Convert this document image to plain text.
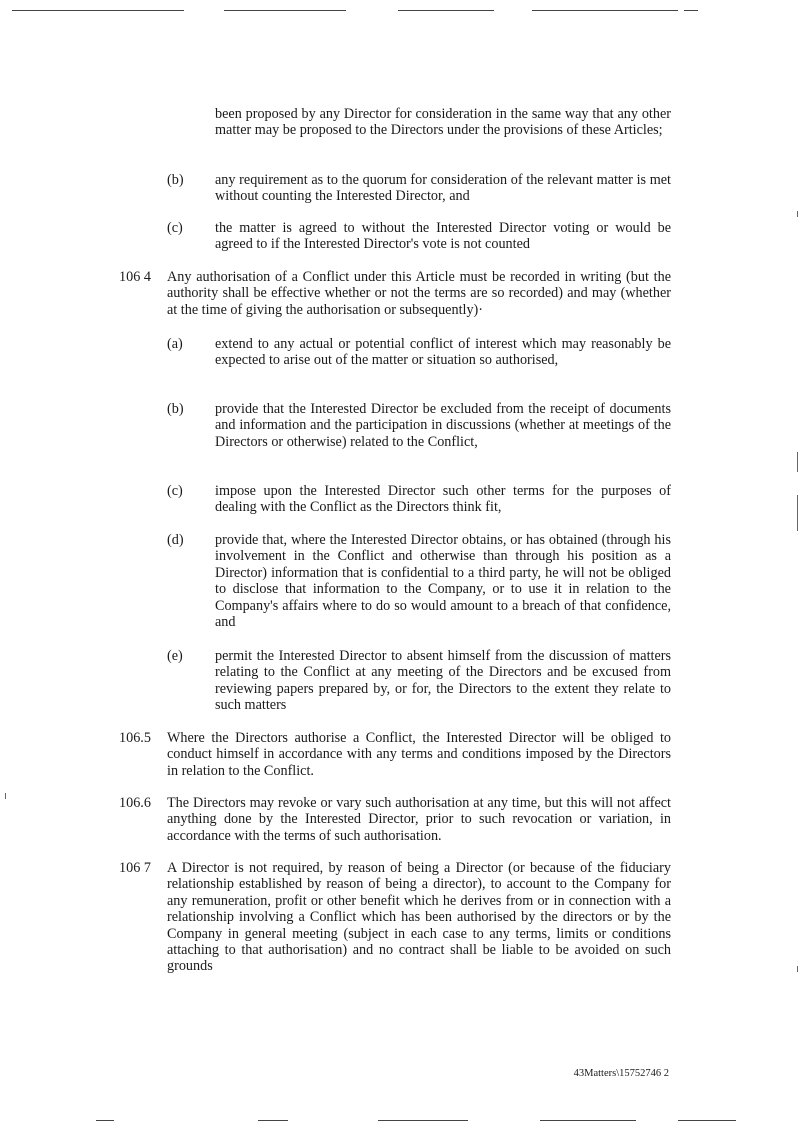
been proposed by any Director for consideration in the same way that any other matter may be proposed to the Directors under the provisions of these Articles;
(b) any requirement as to the quorum for consideration of the relevant matter is met without counting the Interested Director, and
(c) the matter is agreed to without the Interested Director voting or would be agreed to if the Interested Director's vote is not counted
106 4 Any authorisation of a Conflict under this Article must be recorded in writing (but the authority shall be effective whether or not the terms are so recorded) and may (whether at the time of giving the authorisation or subsequently)·
(a) extend to any actual or potential conflict of interest which may reasonably be expected to arise out of the matter or situation so authorised,
(b) provide that the Interested Director be excluded from the receipt of documents and information and the participation in discussions (whether at meetings of the Directors or otherwise) related to the Conflict,
(c) impose upon the Interested Director such other terms for the purposes of dealing with the Conflict as the Directors think fit,
(d) provide that, where the Interested Director obtains, or has obtained (through his involvement in the Conflict and otherwise than through his position as a Director) information that is confidential to a third party, he will not be obliged to disclose that information to the Company, or to use it in relation to the Company's affairs where to do so would amount to a breach of that confidence, and
(e) permit the Interested Director to absent himself from the discussion of matters relating to the Conflict at any meeting of the Directors and be excused from reviewing papers prepared by, or for, the Directors to the extent they relate to such matters
106.5 Where the Directors authorise a Conflict, the Interested Director will be obliged to conduct himself in accordance with any terms and conditions imposed by the Directors in relation to the Conflict.
106.6 The Directors may revoke or vary such authorisation at any time, but this will not affect anything done by the Interested Director, prior to such revocation or variation, in accordance with the terms of such authorisation.
106 7 A Director is not required, by reason of being a Director (or because of the fiduciary relationship established by reason of being a director), to account to the Company for any remuneration, profit or other benefit which he derives from or in connection with a relationship involving a Conflict which has been authorised by the directors or by the Company in general meeting (subject in each case to any terms, limits or conditions attaching to that authorisation) and no contract shall be liable to be avoided on such grounds
43Matters\15752746 2
